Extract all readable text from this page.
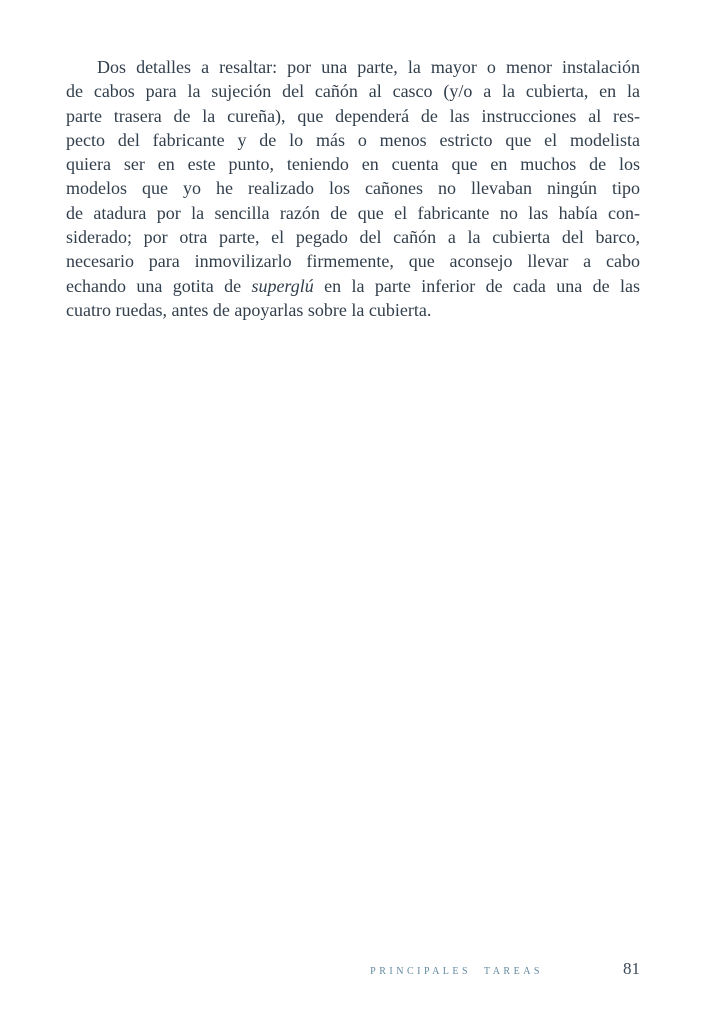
Dos detalles a resaltar: por una parte, la mayor o menor instalación
de cabos para la sujeción del cañón al casco (y/o a la cubierta, en la
parte trasera de la cureña), que dependerá de las instrucciones al res-
pecto del fabricante y de lo más o menos estricto que el modelista
quiera ser en este punto, teniendo en cuenta que en muchos de los
modelos que yo he realizado los cañones no llevaban ningún tipo
de atadura por la sencilla razón de que el fabricante no las había con-
siderado; por otra parte, el pegado del cañón a la cubierta del barco,
necesario para inmovilizarlo firmemente, que aconsejo llevar a cabo
echando una gotita de superglú en la parte inferior de cada una de las
cuatro ruedas, antes de apoyarlas sobre la cubierta.
PRINCIPALES TAREAS	81
